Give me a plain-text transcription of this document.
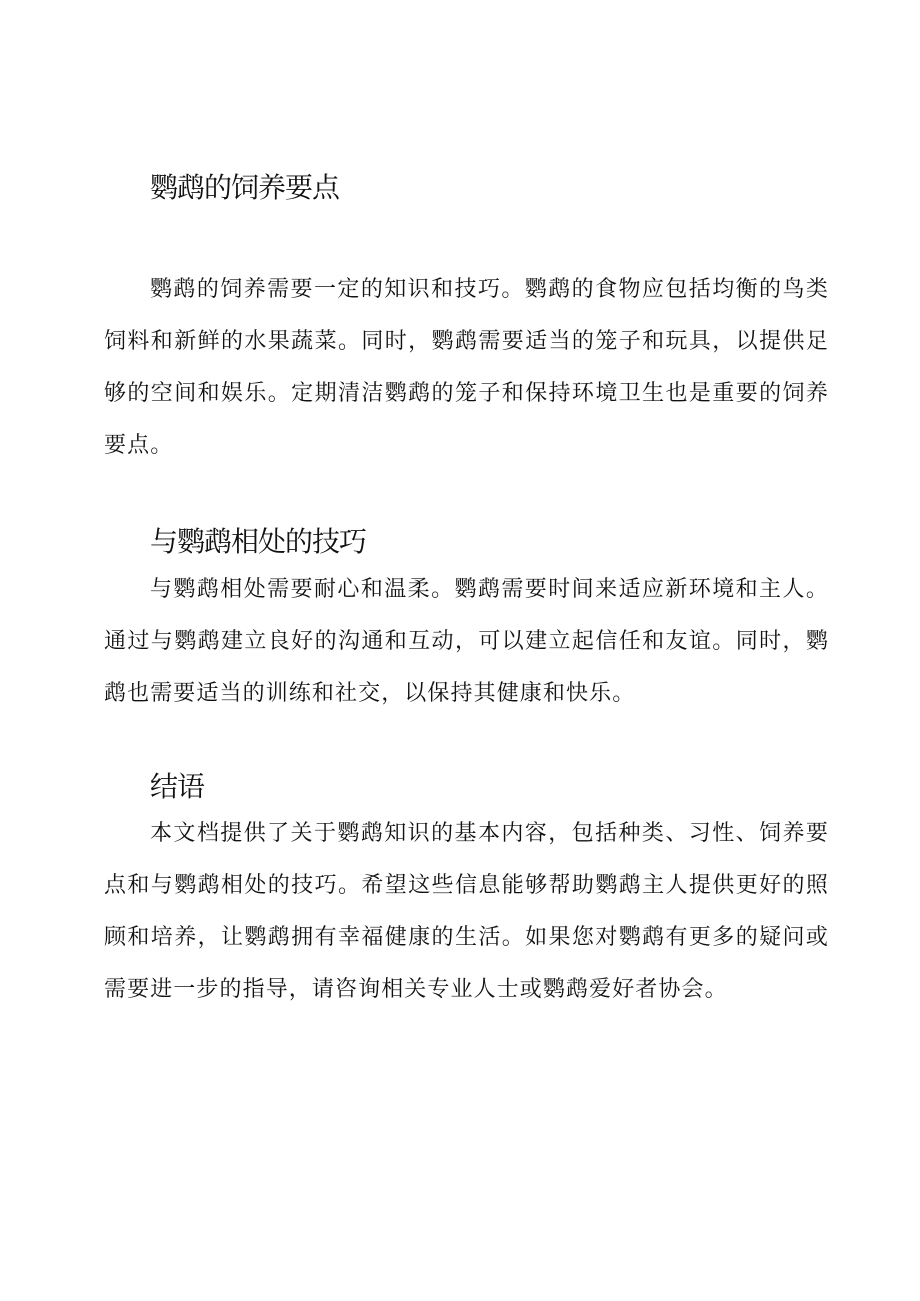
鹦鹉的饲养要点

鹦鹉的饲养需要一定的知识和技巧。鹦鹉的食物应包括均衡的鸟类饲料和新鲜的水果蔬菜。同时，鹦鹉需要适当的笼子和玩具，以提供足够的空间和娱乐。定期清洁鹦鹉的笼子和保持环境卫生也是重要的饲养要点。

与鹦鹉相处的技巧

与鹦鹉相处需要耐心和温柔。鹦鹉需要时间来适应新环境和主人。通过与鹦鹉建立良好的沟通和互动，可以建立起信任和友谊。同时，鹦鹉也需要适当的训练和社交，以保持其健康和快乐。

结语

本文档提供了关于鹦鹉知识的基本内容，包括种类、习性、饲养要点和与鹦鹉相处的技巧。希望这些信息能够帮助鹦鹉主人提供更好的照顾和培养，让鹦鹉拥有幸福健康的生活。如果您对鹦鹉有更多的疑问或需要进一步的指导，请咨询相关专业人士或鹦鹉爱好者协会。
